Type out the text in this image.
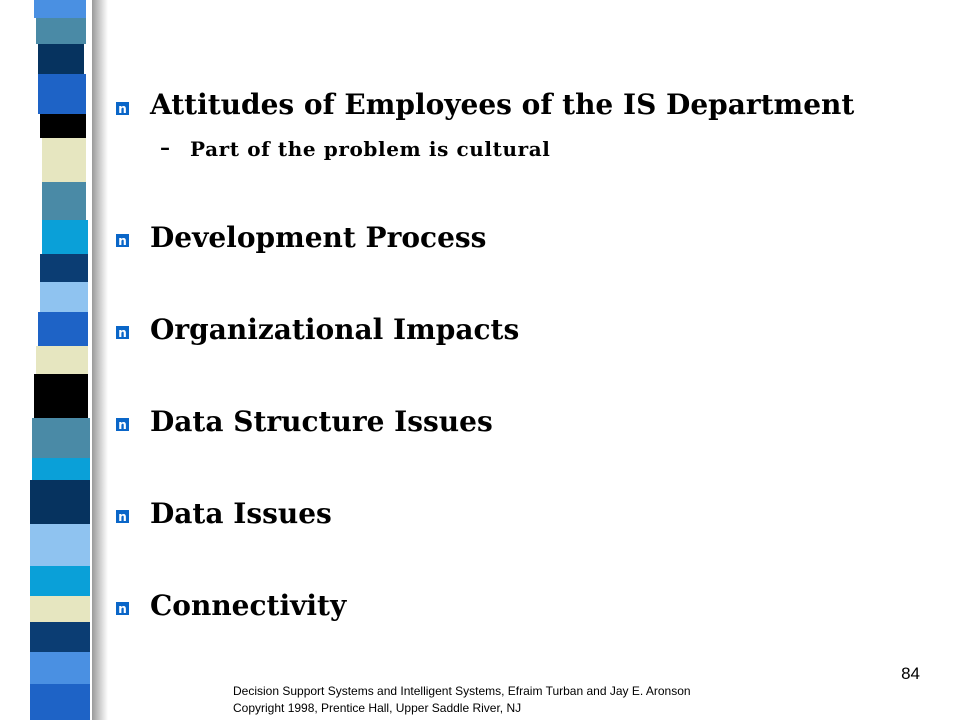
n Attitudes of Employees of the IS Department
– Part of the problem is cultural
n Development Process
n Organizational Impacts
n Data Structure Issues
n Data Issues
n Connectivity
84
Decision Support Systems and Intelligent Systems, Efraim Turban and Jay E. Aronson
Copyright 1998, Prentice Hall, Upper Saddle River, NJ
